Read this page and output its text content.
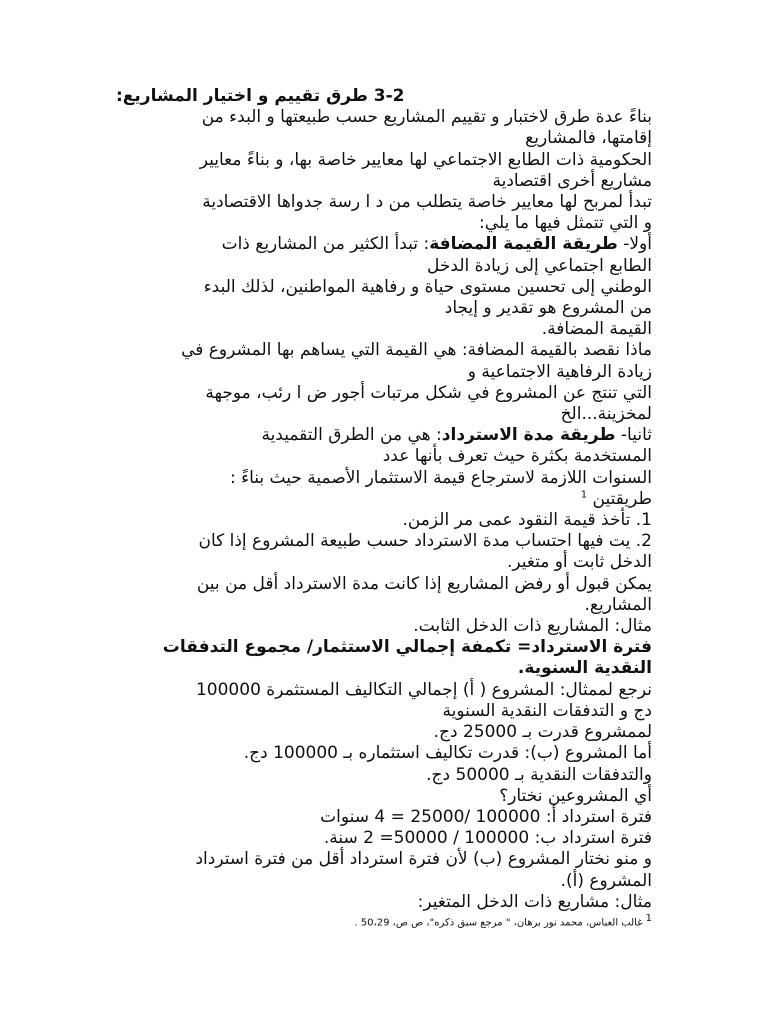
3-2 طرق تقييم و اختيار المشاريع:

بناءً عدة طرق لاختبار و تقييم المشاريع حسب طبيعتها و البدء من

إقامتها، فالمشاريع

الحكومية ذات الطابع الاجتماعي لها معايير خاصة بها، و بناءً معايير

مشاريع أخرى اقتصادية

تبدأ لمربح لها معايير خاصة يتطلب من د ا رسة جدواها الاقتصادية

و التي تتمثل فيها ما يلي:

أولا- طريقة القيمة المضافة: تبدأ الكثير من المشاريع ذات

الطابع اجتماعي إلى زيادة الدخل

الوطني إلى تحسين مستوى حياة و رفاهية المواطنين، لذلك البدء

من المشروع هو تقدير و إيجاد

القيمة المضافة.

ماذا نقصد بالقيمة المضافة: هي القيمة التي يساهم بها المشروع في

زيادة الرفاهية الاجتماعية و

التي تنتج عن المشروع في شكل مرتبات أجور ض ا رئب، موجهة

لمخزينة...الخ

ثانيا- طريقة مدة الاسترداد: هي من الطرق التقميدية

المستخدمة بكثرة حيث تعرف بأنها عدد

السنوات اللازمة لاسترجاع قيمة الاستثمار الأصمية حيث بناءً :

طريقتين $^1$

1. تأخذ قيمة النقود عمى مر الزمن.

2. يت فيها احتساب مدة الاسترداد حسب طبيعة المشروع إذا كان

الدخل ثابت أو متغير.

يمكن قبول أو رفض المشاريع إذا كانت مدة الاسترداد أقل من بين

المشاريع.

مثال: المشاريع ذات الدخل الثابت.

فترة الاسترداد= تكمفة إجمالي الاستثمار/ مجموع التدفقات

النقدية السنوية.

نرجع لممثال: المشروع ( أ) إجمالي التكاليف المستثمرة 100000

دج و التدفقات النقدية السنوية

لممشروع قدرت بـ 25000 دج.

أما المشروع (ب): قدرت تكاليف استثماره بـ 100000 دج.

والتدفقات النقدية بـ 50000 دج.

أي المشروعين نختار؟

فترة استرداد أ: 100000 /25000 = 4 سنوات

فترة استرداد ب: 100000 / 50000= 2 سنة.

و منو نختار المشروع (ب) لأن فترة استرداد أقل من فترة استرداد

المشروع (أ).

مثال: مشاريع ذات الدخل المتغير:

$^1$ غالب العباس، محمد نور برهان، " مرجع سبق ذكره"، ص ص، 50،29 .
